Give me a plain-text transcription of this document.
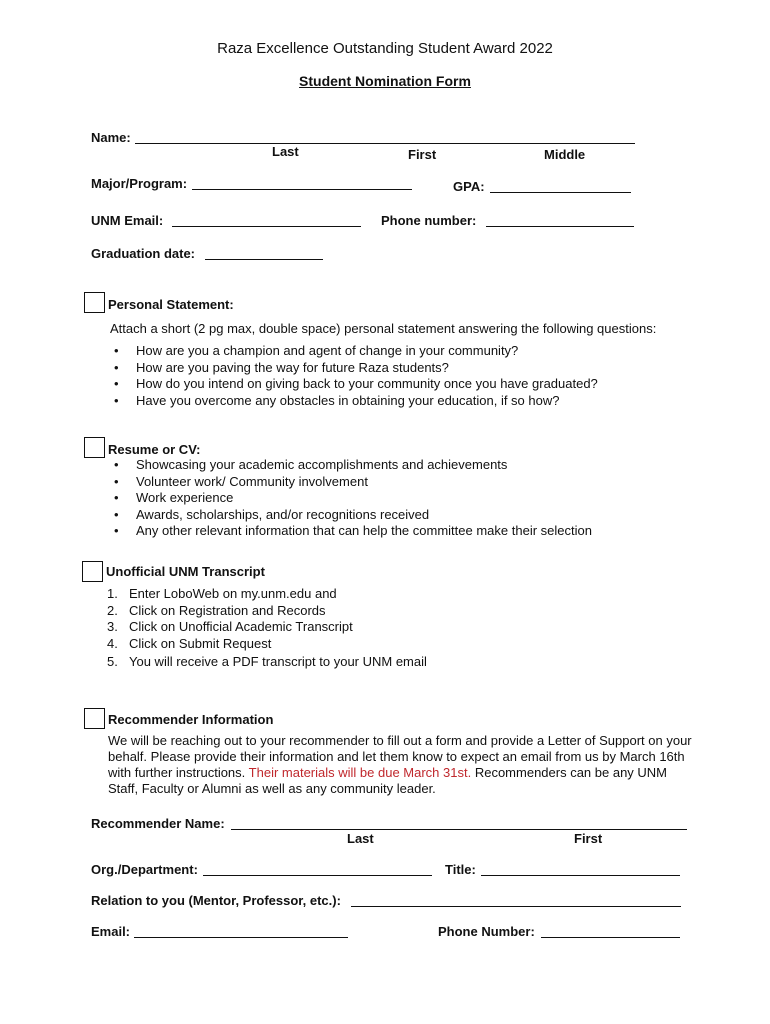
Raza Excellence Outstanding Student Award 2022
Student Nomination Form
Name:
Last	First	Middle
Major/Program:	GPA:
UNM Email:	Phone number:
Graduation date:
Personal Statement:
Attach a short (2 pg max, double space) personal statement answering the following questions:
• How are you a champion and agent of change in your community?
• How are you paving the way for future Raza students?
• How do you intend on giving back to your community once you have graduated?
• Have you overcome any obstacles in obtaining your education, if so how?
Resume or CV:
• Showcasing your academic accomplishments and achievements
• Volunteer work/ Community involvement
• Work experience
• Awards, scholarships, and/or recognitions received
• Any other relevant information that can help the committee make their selection
Unofficial UNM Transcript
1. Enter LoboWeb on my.unm.edu and
2. Click on Registration and Records
3. Click on Unofficial Academic Transcript
4. Click on Submit Request
5. You will receive a PDF transcript to your UNM email
Recommender Information
We will be reaching out to your recommender to fill out a form and provide a Letter of Support on your behalf. Please provide their information and let them know to expect an email from us by March 16th with further instructions. Their materials will be due March 31st. Recommenders can be any UNM Staff, Faculty or Alumni as well as any community leader.
Recommender Name:
Last	First
Org./Department:	Title:
Relation to you (Mentor, Professor, etc.):
Email:	Phone Number:
